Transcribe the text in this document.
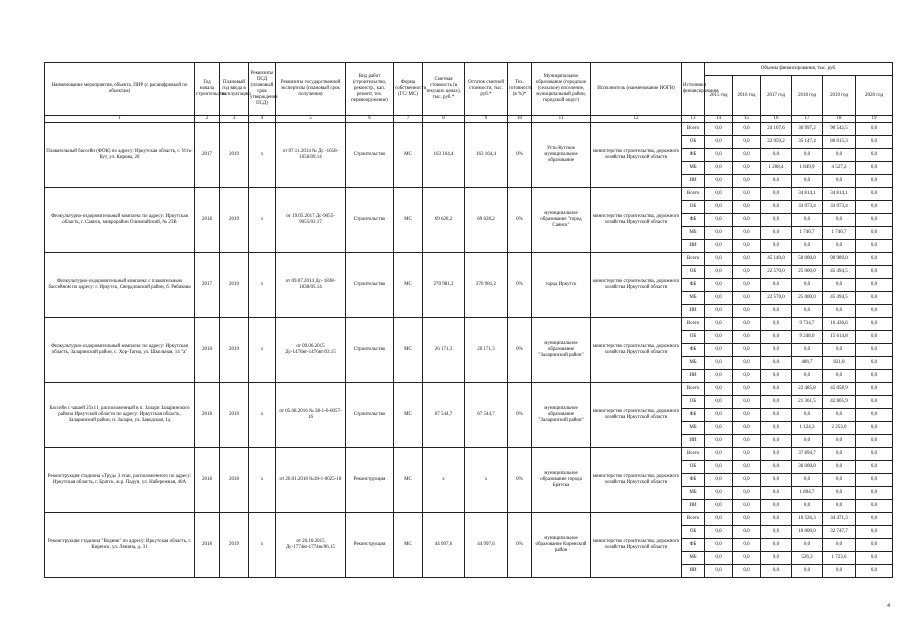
Наименование мероприятия, объекта, ПИР (с расшифровкой по объектам)	Год начала строительства	Плановый год ввода в эксплуатацию	Реквизиты ПСД (плановый срок утверждения ПСД)	Реквизиты государственной экспертизы (плановый срок получения)	Вид работ (строительство, реконстр., кап. ремонт, тех. перевооружение)	Форма собственности (ГС/ МС)	Сметная стоимость (в текущих ценах), тыс. руб.*	Остаток сметной стоимости, тыс. руб.*	Тех. готовность (в %)*	Муниципальное образование (городское (сельское) поселение, муниципальный район, городской округ)	Исполнитель (наименование ИОГВ)	Источники финансирования	Объемы финансирования, тыс. руб.					
													2015 год	2016 год	2017 год	2018 год	2019 год	2020 год
1	2	3	4	5	6	7	8	9	10	11	12	13	14	15	16	17	18	19
Плавательный бассейн (ФОК) по адресу: Иркутская область, г. Усть-Кут, ул. Кирова, 28	2017	2019	х	от 07.11.2014 № Дс -1658-1658/09.14	Строительство	МС	163 164,4	163 164,4	0%	Усть-Кутское муниципальное образование	министерство строительства, дорожного хозяйства Иркутской области	Всего	0,0	0,0	24 167,6	36 997,2	90 542,5	0,0
												ОБ	0,0	0,0	22 959,2	35 147,4	86 015,3	0,0
												ФБ	0,0	0,0	0,0	0,0	0,0	0,0
												МБ	0,0	0,0	1 208,4	1 849,9	4 527,2	0,0
												ИИ	0,0	0,0	0,0	0,0	0,0	0,0
Физкультурно-оздоровительный комплекс по адресу: Иркутская область, г. Саянск, микрорайон Олимпийский, № 23В	2018	2019	х	от 19.05.2017 Дс-9055-9055/03.17	Строительство	МС	69 628,2	69 628,2	0%	муниципальное образование "город Саянск"	министерство строительства, дорожного хозяйства Иркутской области	Всего	0,0	0,0	0,0	34 814,1	34 814,1	0,0
												ОБ	0,0	0,0	0,0	33 073,4	33 073,4	0,0
												ФБ	0,0	0,0	0,0	0,0	0,0	0,0
												МБ	0,0	0,0	0,0	1 740,7	1 740,7	0,0
												ИИ	0,0	0,0	0,0	0,0	0,0	0,0
Физкультурно-оздоровительный комплекс с плавательным бассейном по адресу: г. Иркутск, Свердловский район, б. Рябикова	2017	2019	х	от 09.07.2014 Дс- 1838-1838/05.14	Строительство	МС	270 981,2	270 981,2	0%	город Иркутск	министерство строительства, дорожного хозяйства Иркутской области	Всего	0,0	0,0	45 140,0	50 000,0	90 989,0	0,0
												ОБ	0,0	0,0	22 570,0	25 000,0	45 494,5	0,0
												ФБ	0,0	0,0	0,0	0,0	0,0	0,0
												МБ	0,0	0,0	22 570,0	25 000,0	45 494,5	0,0
												ИИ	0,0	0,0	0,0	0,0	0,0	0,0
Физкультурно-оздоровительный комплекс по адресу: Иркутская область, Заларинский район, с. Хор-Тагна, ул. Школьная, 14 "а"	2018	2019	х	от 09.06.2015 Дс-1476вт-1476вт/03.15	Строительство	МС	26 171,3	26 171,3	0%	муниципальное образование "Заларинский район"	министерство строительства, дорожного хозяйства Иркутской области	Всего	0,0	0,0	0,0	9 734,7	16 436,6	0,0
												ОБ	0,0	0,0	0,0	9 248,0	15 614,8	0,0
												ФБ	0,0	0,0	0,0	0,0	0,0	0,0
												МБ	0,0	0,0	0,0	486,7	821,8	0,0
												ИИ	0,0	0,0	0,0	0,0	0,0	0,0
Бассейн с чашей 25х11, расположенный в п. Залари Заларинского района Иркутской области по адресу: Иркутская область, Заларинский район, п. Залари, ул. Заводская, 1д	2018	2019	х	от 05.08.2016 № 38-1-6-0057-16	Строительство	МС	67 544,7	67 544,7	0%	муниципальное образование "Заларинский район"	министерство строительства, дорожного хозяйства Иркутской области	Всего	0,0	0,0	0,0	22 485,8	45 058,9	0,0
												ОБ	0,0	0,0	0,0	21 361,5	42 805,9	0,0
												ФБ	0,0	0,0	0,0	0,0	0,0	0,0
												МБ	0,0	0,0	0,0	1 124,3	2 253,0	0,0
												ИИ	0,0	0,0	0,0	0,0	0,0	0,0
Реконструкция стадиона «Труд» 3 этап, расположенного по адресу: Иркутская область, г. Братск, ж.р. Падун, ул. Набережная, 40А	2018	2018	х	от 26.01.2018 №38-1-0025-18	Реконструкция	МС	х	х	0%	муниципальное образование города Братска	министерство строительства, дорожного хозяйства Иркутской области	Всего	0,0	0,0	0,0	37 894,7	0,0	0,0
												ОБ	0,0	0,0	0,0	36 000,0	0,0	0,0
												ФБ	0,0	0,0	0,0	0,0	0,0	0,0
												МБ	0,0	0,0	0,0	1 894,7	0,0	0,0
												ИИ	0,0	0,0	0,0	0,0	0,0	0,0
Реконструкция стадиона "Водник" по адресу: Иркутская область, г. Киренск, ул. Ленина, д. 31	2018	2019	х	от 26.10.2015 Дс-1774ю-1774ю/06.15	Реконструкция	МС	44 997,6	44 997,6	0%	муниципальное образование Киренский район	министерство строительства, дорожного хозяйства Иркутской области	Всего	0,0	0,0	0,0	10 526,3	34 471,3	0,0
												ОБ	0,0	0,0	0,0	10 000,0	32 747,7	0,0
												ФБ	0,0	0,0	0,0	0,0	0,0	0,0
												МБ	0,0	0,0	0,0	526,3	1 723,6	0,0
												ИИ	0,0	0,0	0,0	0,0	0,0	0,0
4
